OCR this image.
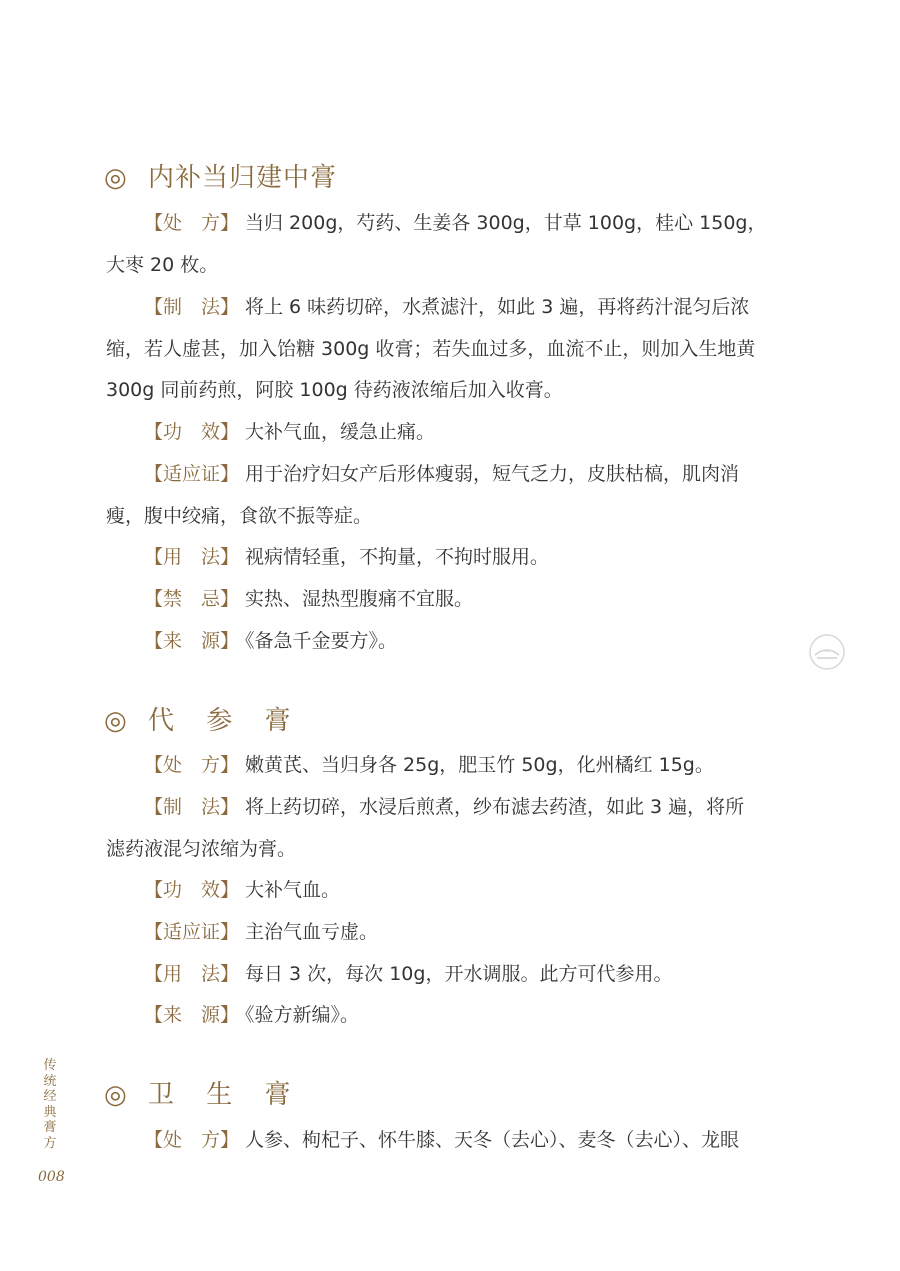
◎ 内补当归建中膏
【处　方】 当归 200g，芍药、生姜各 300g，甘草 100g，桂心 150g，
大枣 20 枚。
【制　法】 将上 6 味药切碎，水煮滤汁，如此 3 遍，再将药汁混匀后浓
缩，若人虚甚，加入饴糖 300g 收膏；若失血过多，血流不止，则加入生地黄
300g 同前药煎，阿胶 100g 待药液浓缩后加入收膏。
【功　效】 大补气血，缓急止痛。
【适应证】 用于治疗妇女产后形体瘦弱，短气乏力，皮肤枯槁，肌肉消
瘦，腹中绞痛，食欲不振等症。
【用　法】 视病情轻重，不拘量，不拘时服用。
【禁　忌】 实热、湿热型腹痛不宜服。
【来　源】 《备急千金要方》。
◎ 代 参 膏
【处　方】 嫩黄芪、当归身各 25g，肥玉竹 50g，化州橘红 15g。
【制　法】 将上药切碎，水浸后煎煮，纱布滤去药渣，如此 3 遍，将所
滤药液混匀浓缩为膏。
【功　效】 大补气血。
【适应证】 主治气血亏虚。
【用　法】 每日 3 次，每次 10g，开水调服。此方可代参用。
【来　源】 《验方新编》。
◎ 卫 生 膏
【处　方】 人参、枸杞子、怀牛膝、天冬（去心）、麦冬（去心）、龙眼
传统经典膏方
008
